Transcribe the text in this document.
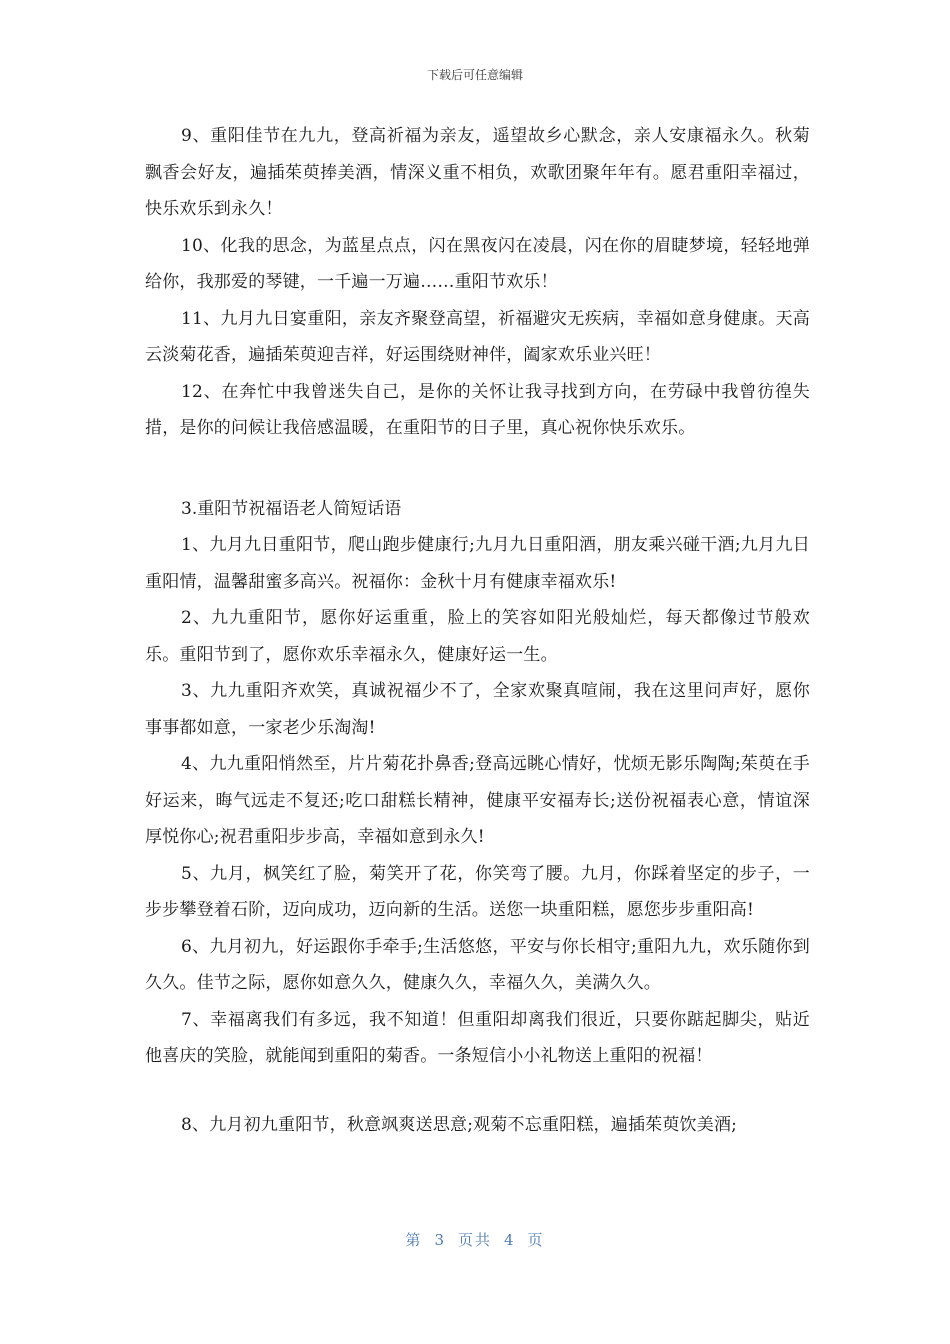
下载后可任意编辑

9、重阳佳节在九九，登高祈福为亲友，遥望故乡心默念，亲人安康福永久。秋菊飘香会好友，遍插茱萸捧美酒，情深义重不相负，欢歌团聚年年有。愿君重阳幸福过，快乐欢乐到永久！

10、化我的思念，为蓝星点点，闪在黑夜闪在凌晨，闪在你的眉睫梦境，轻轻地弹给你，我那爱的琴键，一千遍一万遍……重阳节欢乐！

11、九月九日宴重阳，亲友齐聚登高望，祈福避灾无疾病，幸福如意身健康。天高云淡菊花香，遍插茱萸迎吉祥，好运围绕财神伴，阖家欢乐业兴旺！

12、在奔忙中我曾迷失自己，是你的关怀让我寻找到方向，在劳碌中我曾彷徨失措，是你的问候让我倍感温暖，在重阳节的日子里，真心祝你快乐欢乐。

3.重阳节祝福语老人简短话语

1、九月九日重阳节，爬山跑步健康行;九月九日重阳酒，朋友乘兴碰干酒;九月九日重阳情，温馨甜蜜多高兴。祝福你：金秋十月有健康幸福欢乐!

2、九九重阳节，愿你好运重重，脸上的笑容如阳光般灿烂，每天都像过节般欢乐。重阳节到了，愿你欢乐幸福永久，健康好运一生。

3、九九重阳齐欢笑，真诚祝福少不了，全家欢聚真喧闹，我在这里问声好，愿你事事都如意，一家老少乐淘淘!

4、九九重阳悄然至，片片菊花扑鼻香;登高远眺心情好，忧烦无影乐陶陶;茱萸在手好运来，晦气远走不复还;吃口甜糕长精神，健康平安福寿长;送份祝福表心意，情谊深厚悦你心;祝君重阳步步高，幸福如意到永久!

5、九月，枫笑红了脸，菊笑开了花，你笑弯了腰。九月，你踩着坚定的步子，一步步攀登着石阶，迈向成功，迈向新的生活。送您一块重阳糕，愿您步步重阳高!

6、九月初九，好运跟你手牵手;生活悠悠，平安与你长相守;重阳九九，欢乐随你到久久。佳节之际，愿你如意久久，健康久久，幸福久久，美满久久。

7、幸福离我们有多远，我不知道！但重阳却离我们很近，只要你踮起脚尖，贴近他喜庆的笑脸，就能闻到重阳的菊香。一条短信小小礼物送上重阳的祝福！

8、九月初九重阳节，秋意飒爽送思意;观菊不忘重阳糕，遍插茱萸饮美酒;

第 3 页共 4 页
